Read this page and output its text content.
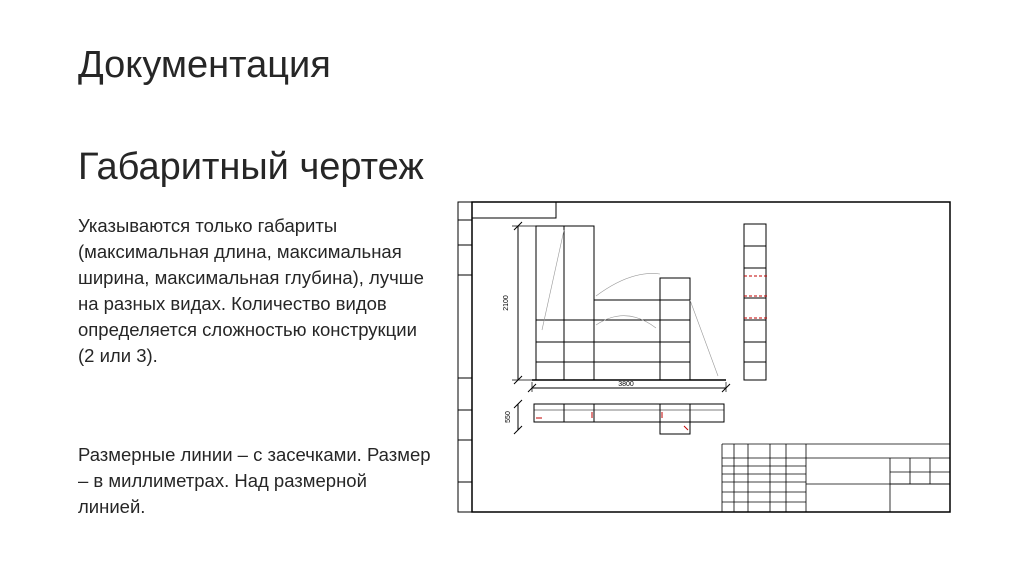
Документация
Габаритный чертеж

Указываются только габариты (максимальная длина, максимальная ширина, максимальная глубина), лучше на разных видах. Количество видов определяется сложностью конструкции (2 или 3).

Размерные линии – с засечками. Размер – в миллиметрах. Над размерной линией.

2100
3800
550
